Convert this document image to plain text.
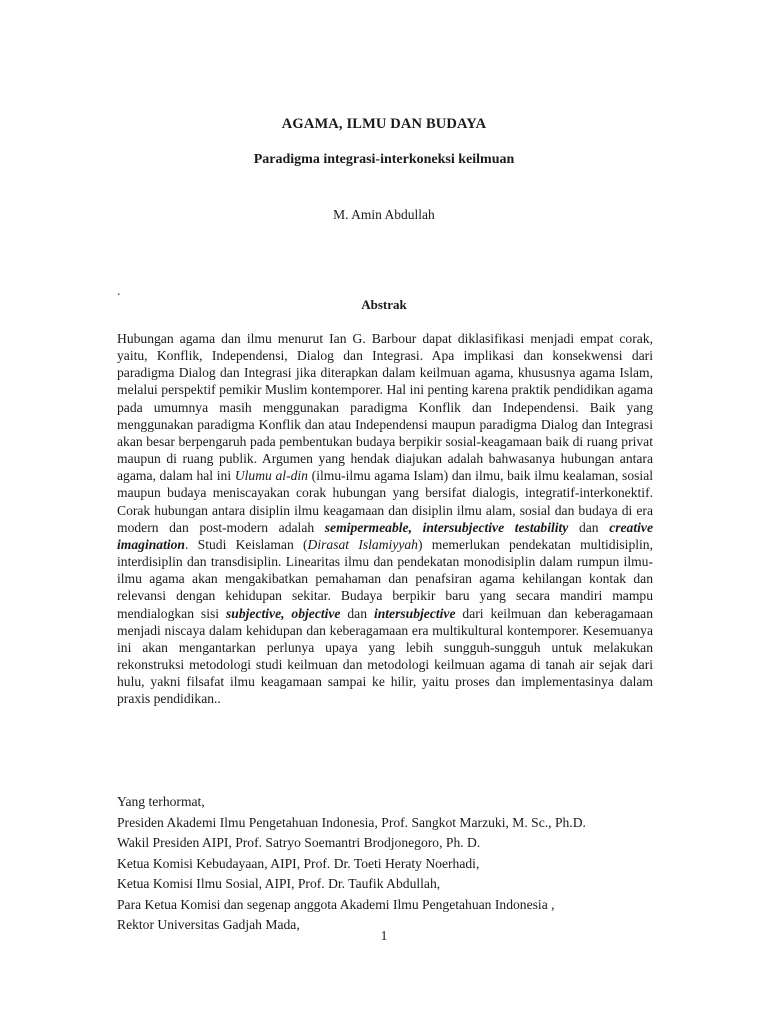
AGAMA, ILMU DAN BUDAYA
Paradigma integrasi-interkoneksi keilmuan
M. Amin Abdullah
.
Abstrak

Hubungan agama dan ilmu menurut Ian G. Barbour dapat diklasifikasi menjadi empat corak, yaitu, Konflik, Independensi, Dialog dan Integrasi. Apa implikasi dan konsekwensi dari paradigma Dialog dan Integrasi jika diterapkan dalam keilmuan agama, khususnya agama Islam, melalui perspektif pemikir Muslim kontemporer. Hal ini penting karena praktik pendidikan agama pada umumnya masih menggunakan paradigma Konflik dan Independensi. Baik yang menggunakan paradigma Konflik dan atau Independensi maupun paradigma Dialog dan Integrasi akan besar berpengaruh pada pembentukan budaya berpikir sosial-keagamaan baik di ruang privat maupun di ruang publik. Argumen yang hendak diajukan adalah bahwasanya hubungan antara agama, dalam hal ini Ulumu al-din (ilmu-ilmu agama Islam) dan ilmu, baik ilmu kealaman, sosial maupun budaya meniscayakan corak hubungan yang bersifat dialogis, integratif-interkonektif. Corak hubungan antara disiplin ilmu keagamaan dan disiplin ilmu alam, sosial dan budaya di era modern dan post-modern adalah semipermeable, intersubjective testability dan creative imagination. Studi Keislaman (Dirasat Islamiyyah) memerlukan pendekatan multidisiplin, interdisiplin dan transdisiplin. Linearitas ilmu dan pendekatan monodisiplin dalam rumpun ilmu-ilmu agama akan mengakibatkan pemahaman dan penafsiran agama kehilangan kontak dan relevansi dengan kehidupan sekitar. Budaya berpikir baru yang secara mandiri mampu mendialogkan sisi subjective, objective dan intersubjective dari keilmuan dan keberagamaan menjadi niscaya dalam kehidupan dan keberagamaan era multikultural kontemporer. Kesemuanya ini akan mengantarkan perlunya upaya yang lebih sungguh-sungguh untuk melakukan rekonstruksi metodologi studi keilmuan dan metodologi keilmuan agama di tanah air sejak dari hulu, yakni filsafat ilmu keagamaan sampai ke hilir, yaitu proses dan implementasinya dalam praxis pendidikan..

Yang terhormat,
Presiden Akademi Ilmu Pengetahuan Indonesia, Prof. Sangkot Marzuki, M. Sc., Ph.D.
Wakil Presiden AIPI, Prof. Satryo Soemantri Brodjonegoro, Ph. D.
Ketua Komisi Kebudayaan, AIPI, Prof. Dr. Toeti Heraty Noerhadi,
Ketua Komisi Ilmu Sosial, AIPI, Prof. Dr. Taufik Abdullah,
Para Ketua Komisi dan segenap anggota Akademi Ilmu Pengetahuan Indonesia ,
Rektor Universitas Gadjah Mada,
1
